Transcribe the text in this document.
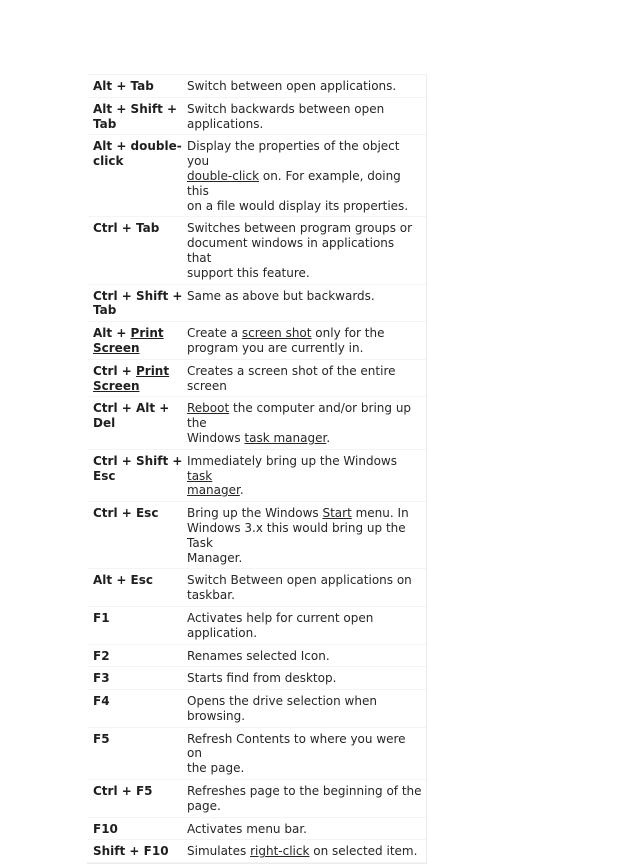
Alt + Tab	Switch between open applications.

Alt + Shift +
Tab	Switch backwards between open
applications.

Alt + double-
click	Display the properties of the object you
double-click on. For example, doing this
on a file would display its properties.

Ctrl + Tab	Switches between program groups or
document windows in applications that
support this feature.

Ctrl + Shift +
Tab	Same as above but backwards.

Alt + Print
Screen	Create a screen shot only for the
program you are currently in.

Ctrl + Print
Screen	Creates a screen shot of the entire
screen

Ctrl + Alt +
Del	Reboot the computer and/or bring up the
Windows task manager.

Ctrl + Shift +
Esc	Immediately bring up the Windows task
manager.

Ctrl + Esc	Bring up the Windows Start menu. In
Windows 3.x this would bring up the Task
Manager.

Alt + Esc	Switch Between open applications on
taskbar.

F1	Activates help for current open
application.

F2	Renames selected Icon.

F3	Starts find from desktop.

F4	Opens the drive selection when
browsing.

F5	Refresh Contents to where you were on
the page.

Ctrl + F5	Refreshes page to the beginning of the
page.

F10	Activates menu bar.

Shift + F10	Simulates right-click on selected item.
